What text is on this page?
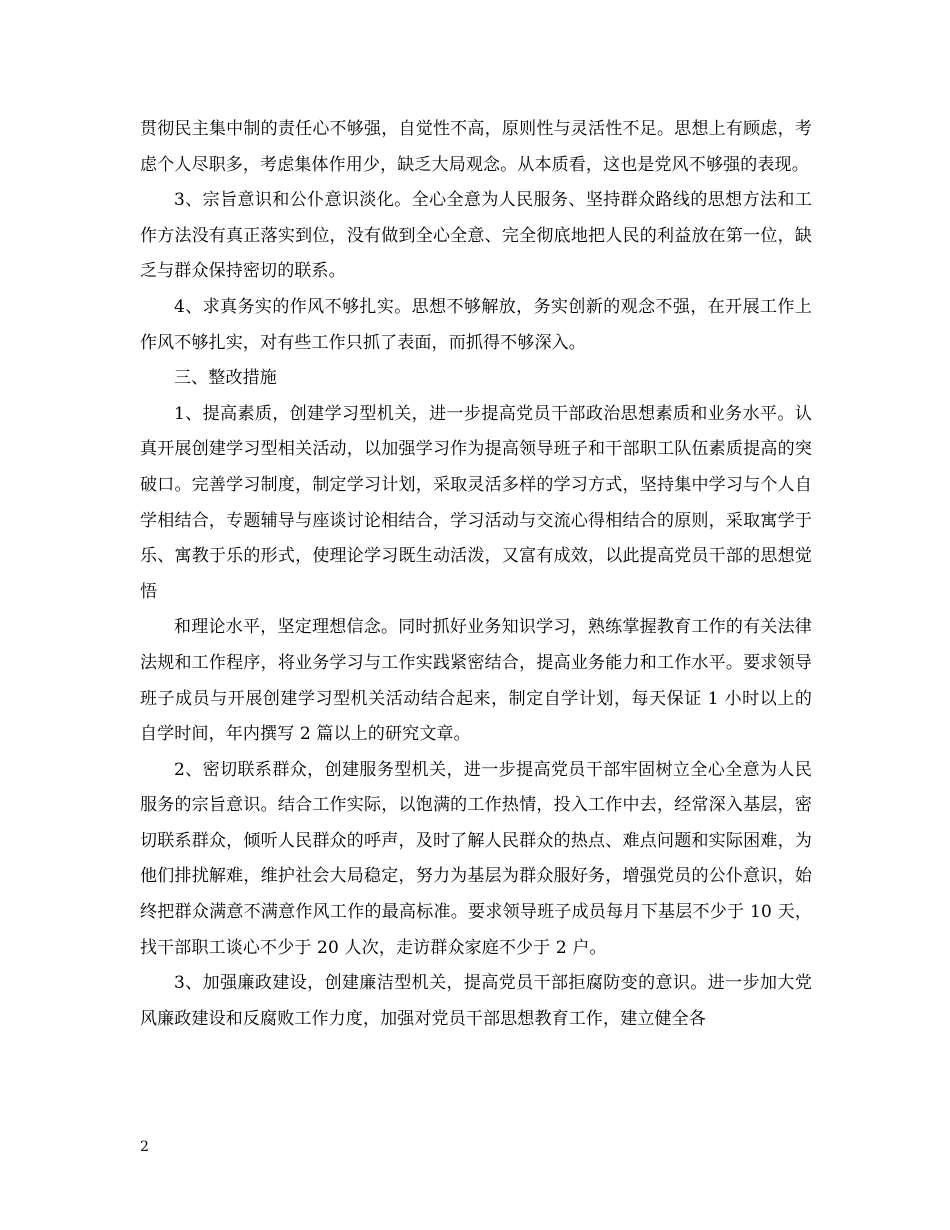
贯彻民主集中制的责任心不够强，自觉性不高，原则性与灵活性不足。思想上有顾虑，考虑个人尽职多，考虑集体作用少，缺乏大局观念。从本质看，这也是党风不够强的表现。

3、宗旨意识和公仆意识淡化。全心全意为人民服务、坚持群众路线的思想方法和工作方法没有真正落实到位，没有做到全心全意、完全彻底地把人民的利益放在第一位，缺乏与群众保持密切的联系。

4、求真务实的作风不够扎实。思想不够解放，务实创新的观念不强，在开展工作上作风不够扎实，对有些工作只抓了表面，而抓得不够深入。

三、整改措施

1、提高素质，创建学习型机关，进一步提高党员干部政治思想素质和业务水平。认真开展创建学习型相关活动，以加强学习作为提高领导班子和干部职工队伍素质提高的突破口。完善学习制度，制定学习计划，采取灵活多样的学习方式，坚持集中学习与个人自学相结合，专题辅导与座谈讨论相结合，学习活动与交流心得相结合的原则，采取寓学于乐、寓教于乐的形式，使理论学习既生动活泼，又富有成效，以此提高党员干部的思想觉悟

和理论水平，坚定理想信念。同时抓好业务知识学习，熟练掌握教育工作的有关法律法规和工作程序，将业务学习与工作实践紧密结合，提高业务能力和工作水平。要求领导班子成员与开展创建学习型机关活动结合起来，制定自学计划，每天保证 1 小时以上的自学时间，年内撰写 2 篇以上的研究文章。

2、密切联系群众，创建服务型机关，进一步提高党员干部牢固树立全心全意为人民服务的宗旨意识。结合工作实际，以饱满的工作热情，投入工作中去，经常深入基层，密切联系群众，倾听人民群众的呼声，及时了解人民群众的热点、难点问题和实际困难，为他们排扰解难，维护社会大局稳定，努力为基层为群众服好务，增强党员的公仆意识，始终把群众满意不满意作风工作的最高标准。要求领导班子成员每月下基层不少于 10 天，找干部职工谈心不少于 20 人次，走访群众家庭不少于 2 户。

3、加强廉政建设，创建廉洁型机关，提高党员干部拒腐防变的意识。进一步加大党风廉政建设和反腐败工作力度，加强对党员干部思想教育工作，建立健全各

2
